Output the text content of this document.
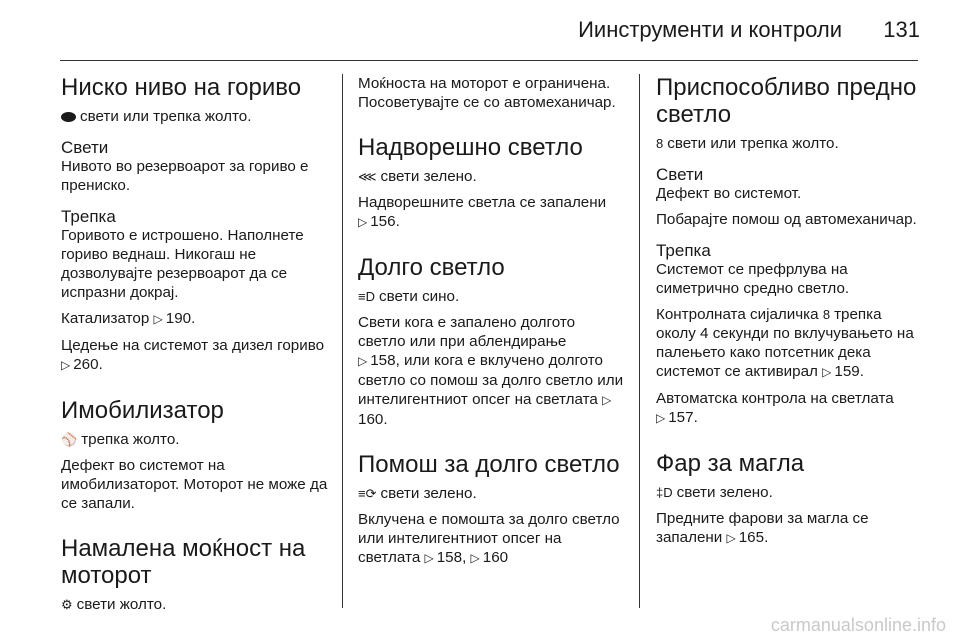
Иинструменти и контроли 131
Ниско ниво на гориво

свети или трепка жолто.

Свети

Нивото во резервоарот за гориво е прениско.

Трепка

Горивото е истрошено. Наполнете гориво веднаш. Никогаш не дозволувајте резервоарот да се испразни докрај.

Катализатор ▷ 190.

Цедење на системот за дизел гориво ▷ 260.

Имобилизатор

⚾ трепка жолто.

Дефект во системот на имобилизаторот. Моторот не може да се запали.

Намалена моќност на моторот

⚙ свети жолто.

Моќноста на моторот е ограничена. Посоветувајте се со автомеханичар.

Надворешно светло

⋘ свети зелено.

Надворешните светла се запалени
▷ 156.

Долго светло

≡D свети сино.

Свети кога е запалено долгото светло или при аблендирање
▷ 158, или кога е вклучено долгото светло со помош за долго светло или интелигентниот опсег на светлата ▷160.

Помош за долго светло

≡⟳ свети зелено.

Вклучена е помошта за долго светло или интелигентниот опсег на светлата ▷ 158, ▷ 160

Приспособливо предно светло

8 свети или трепка жолто.

Свети

Дефект во системот.

Побарајте помош од автомеханичар.

Трепка

Системот се префрлува на симетрично средно светло.

Контролната сијаличка 8 трепка околу 4 секунди по вклучувањето на палењето како потсетник дека системот се активирал ▷ 159.

Автоматска контрола на светлата
▷ 157.

Фар за магла

‡D свети зелено.

Предните фарови за магла се запалени ▷ 165.

carmanualsonline.info
